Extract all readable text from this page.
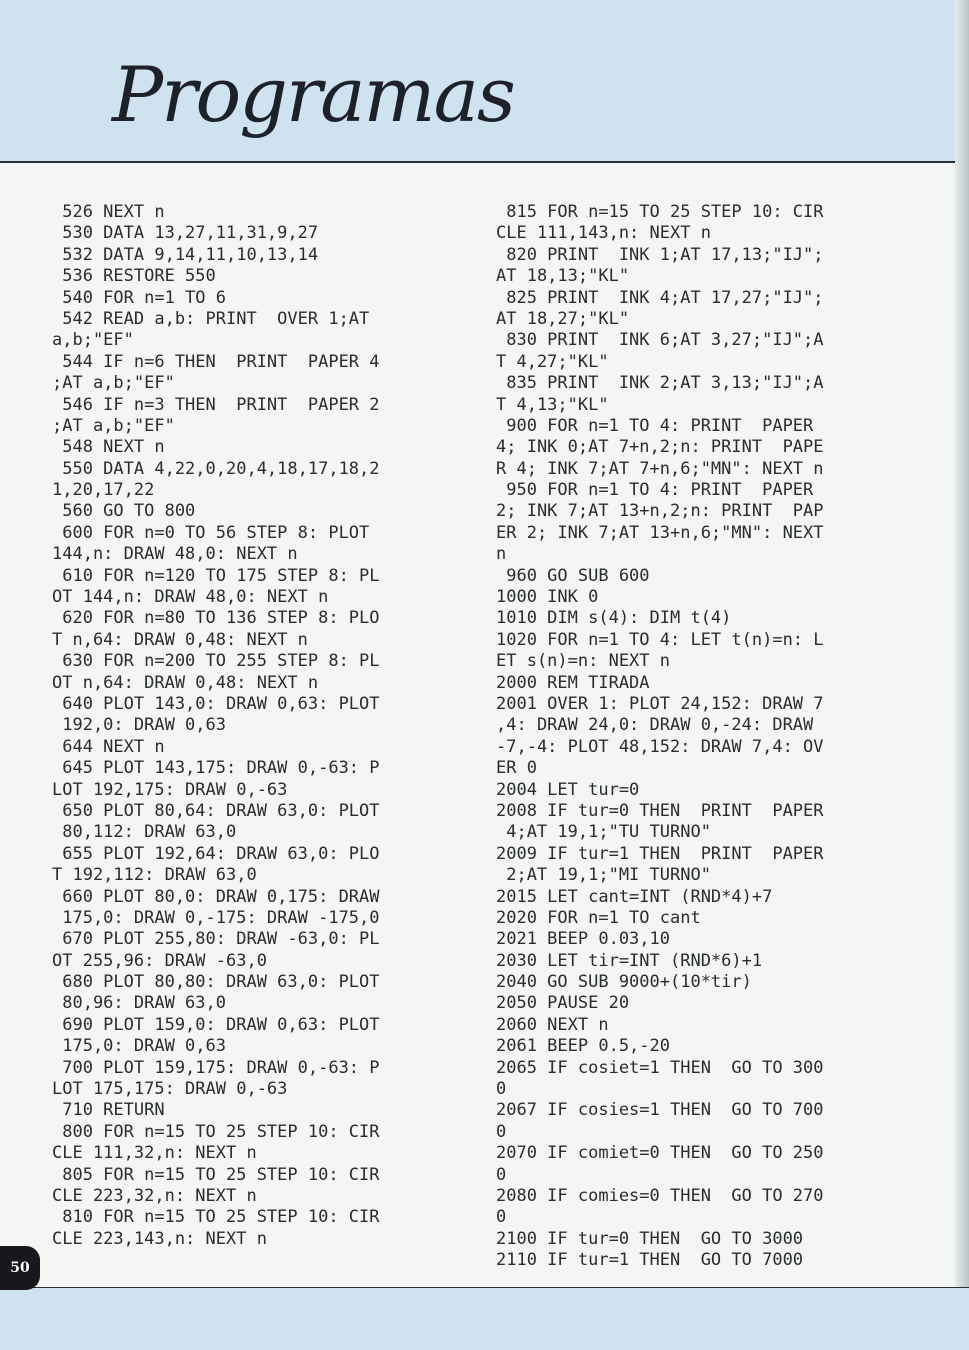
Programas
526 NEXT n
530 DATA 13,27,11,31,9,27
532 DATA 9,14,11,10,13,14
536 RESTORE 550
540 FOR n=1 TO 6
542 READ a,b: PRINT  OVER 1;AT
a,b;"EF"
544 IF n=6 THEN  PRINT  PAPER 4
;AT a,b;"EF"
546 IF n=3 THEN  PRINT  PAPER 2
;AT a,b;"EF"
548 NEXT n
550 DATA 4,22,0,20,4,18,17,18,2
1,20,17,22
560 GO TO 800
600 FOR n=0 TO 56 STEP 8: PLOT
144,n: DRAW 48,0: NEXT n
610 FOR n=120 TO 175 STEP 8: PL
OT 144,n: DRAW 48,0: NEXT n
620 FOR n=80 TO 136 STEP 8: PLO
T n,64: DRAW 0,48: NEXT n
630 FOR n=200 TO 255 STEP 8: PL
OT n,64: DRAW 0,48: NEXT n
640 PLOT 143,0: DRAW 0,63: PLOT
192,0: DRAW 0,63
644 NEXT n
645 PLOT 143,175: DRAW 0,-63: P
LOT 192,175: DRAW 0,-63
650 PLOT 80,64: DRAW 63,0: PLOT
80,112: DRAW 63,0
655 PLOT 192,64: DRAW 63,0: PLO
T 192,112: DRAW 63,0
660 PLOT 80,0: DRAW 0,175: DRAW
175,0: DRAW 0,-175: DRAW -175,0
670 PLOT 255,80: DRAW -63,0: PL
OT 255,96: DRAW -63,0
680 PLOT 80,80: DRAW 63,0: PLOT
80,96: DRAW 63,0
690 PLOT 159,0: DRAW 0,63: PLOT
175,0: DRAW 0,63
700 PLOT 159,175: DRAW 0,-63: P
LOT 175,175: DRAW 0,-63
710 RETURN
800 FOR n=15 TO 25 STEP 10: CIR
CLE 111,32,n: NEXT n
805 FOR n=15 TO 25 STEP 10: CIR
CLE 223,32,n: NEXT n
810 FOR n=15 TO 25 STEP 10: CIR
CLE 223,143,n: NEXT n
815 FOR n=15 TO 25 STEP 10: CIR
CLE 111,143,n: NEXT n
820 PRINT  INK 1;AT 17,13;"IJ";
AT 18,13;"KL"
825 PRINT  INK 4;AT 17,27;"IJ";
AT 18,27;"KL"
830 PRINT  INK 6;AT 3,27;"IJ";A
T 4,27;"KL"
835 PRINT  INK 2;AT 3,13;"IJ";A
T 4,13;"KL"
900 FOR n=1 TO 4: PRINT  PAPER
4; INK 0;AT 7+n,2;n: PRINT  PAPE
R 4; INK 7;AT 7+n,6;"MN": NEXT n
950 FOR n=1 TO 4: PRINT  PAPER
2; INK 7;AT 13+n,2;n: PRINT  PAP
ER 2; INK 7;AT 13+n,6;"MN": NEXT
n
960 GO SUB 600
1000 INK 0
1010 DIM s(4): DIM t(4)
1020 FOR n=1 TO 4: LET t(n)=n: L
ET s(n)=n: NEXT n
2000 REM TIRADA
2001 OVER 1: PLOT 24,152: DRAW 7
,4: DRAW 24,0: DRAW 0,-24: DRAW
-7,-4: PLOT 48,152: DRAW 7,4: OV
ER 0
2004 LET tur=0
2008 IF tur=0 THEN  PRINT  PAPER
4;AT 19,1;"TU TURNO"
2009 IF tur=1 THEN  PRINT  PAPER
2;AT 19,1;"MI TURNO"
2015 LET cant=INT (RND*4)+7
2020 FOR n=1 TO cant
2021 BEEP 0.03,10
2030 LET tir=INT (RND*6)+1
2040 GO SUB 9000+(10*tir)
2050 PAUSE 20
2060 NEXT n
2061 BEEP 0.5,-20
2065 IF cosiet=1 THEN  GO TO 300
0
2067 IF cosies=1 THEN  GO TO 700
0
2070 IF comiet=0 THEN  GO TO 250
0
2080 IF comies=0 THEN  GO TO 270
0
2100 IF tur=0 THEN  GO TO 3000
2110 IF tur=1 THEN  GO TO 7000
50
